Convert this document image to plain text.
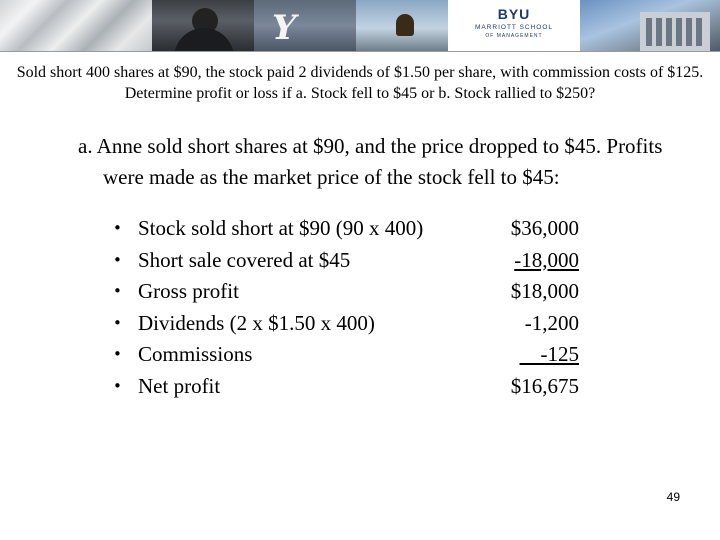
Y	BYU
MARRIOTT SCHOOL
OF MANAGEMENT
Sold short 400 shares at $90, the stock paid 2 dividends of $1.50 per share, with commission costs of $125. Determine profit or loss if a. Stock fell to $45 or b. Stock rallied to $250?
a. Anne sold short shares at $90, and the price dropped to $45. Profits were made as the market price of the stock fell to $45:
• Stock sold short at $90 (90 x 400)	$36,000
• Short sale covered at $45	-18,000
• Gross profit	$18,000
• Dividends (2 x $1.50 x 400)	-1,200
• Commissions	-125
• Net profit	$16,675
49
